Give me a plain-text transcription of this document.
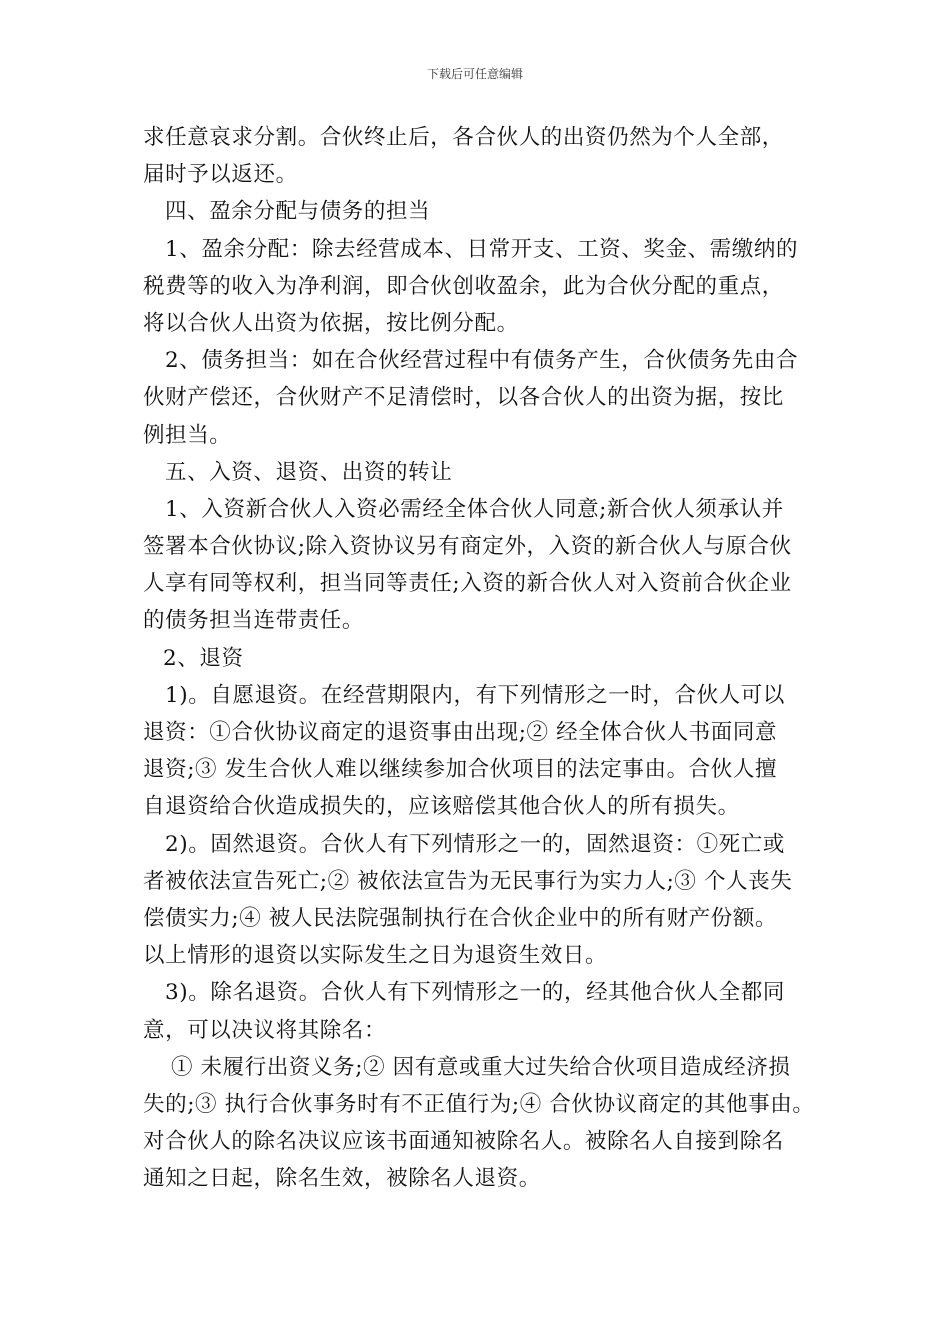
下载后可任意编辑
求任意哀求分割。合伙终止后，各合伙人的出资仍然为个人全部，
届时予以返还。
四、盈余分配与债务的担当
1、盈余分配：除去经营成本、日常开支、工资、奖金、需缴纳的
税费等的收入为净利润，即合伙创收盈余，此为合伙分配的重点，
将以合伙人出资为依据，按比例分配。
2、债务担当：如在合伙经营过程中有债务产生，合伙债务先由合
伙财产偿还，合伙财产不足清偿时，以各合伙人的出资为据，按比
例担当。
五、入资、退资、出资的转让
1、入资新合伙人入资必需经全体合伙人同意;新合伙人须承认并
签署本合伙协议;除入资协议另有商定外，入资的新合伙人与原合伙
人享有同等权利，担当同等责任;入资的新合伙人对入资前合伙企业
的债务担当连带责任。
2、退资
1)。自愿退资。在经营期限内，有下列情形之一时，合伙人可以
退资：①合伙协议商定的退资事由出现;② 经全体合伙人书面同意
退资;③ 发生合伙人难以继续参加合伙项目的法定事由。合伙人擅
自退资给合伙造成损失的，应该赔偿其他合伙人的所有损失。
2)。固然退资。合伙人有下列情形之一的，固然退资：①死亡或
者被依法宣告死亡;② 被依法宣告为无民事行为实力人;③ 个人丧失
偿债实力;④ 被人民法院强制执行在合伙企业中的所有财产份额。
以上情形的退资以实际发生之日为退资生效日。
3)。除名退资。合伙人有下列情形之一的，经其他合伙人全都同
意，可以决议将其除名：
① 未履行出资义务;② 因有意或重大过失给合伙项目造成经济损
失的;③ 执行合伙事务时有不正值行为;④ 合伙协议商定的其他事由。
对合伙人的除名决议应该书面通知被除名人。被除名人自接到除名
通知之日起，除名生效，被除名人退资。
